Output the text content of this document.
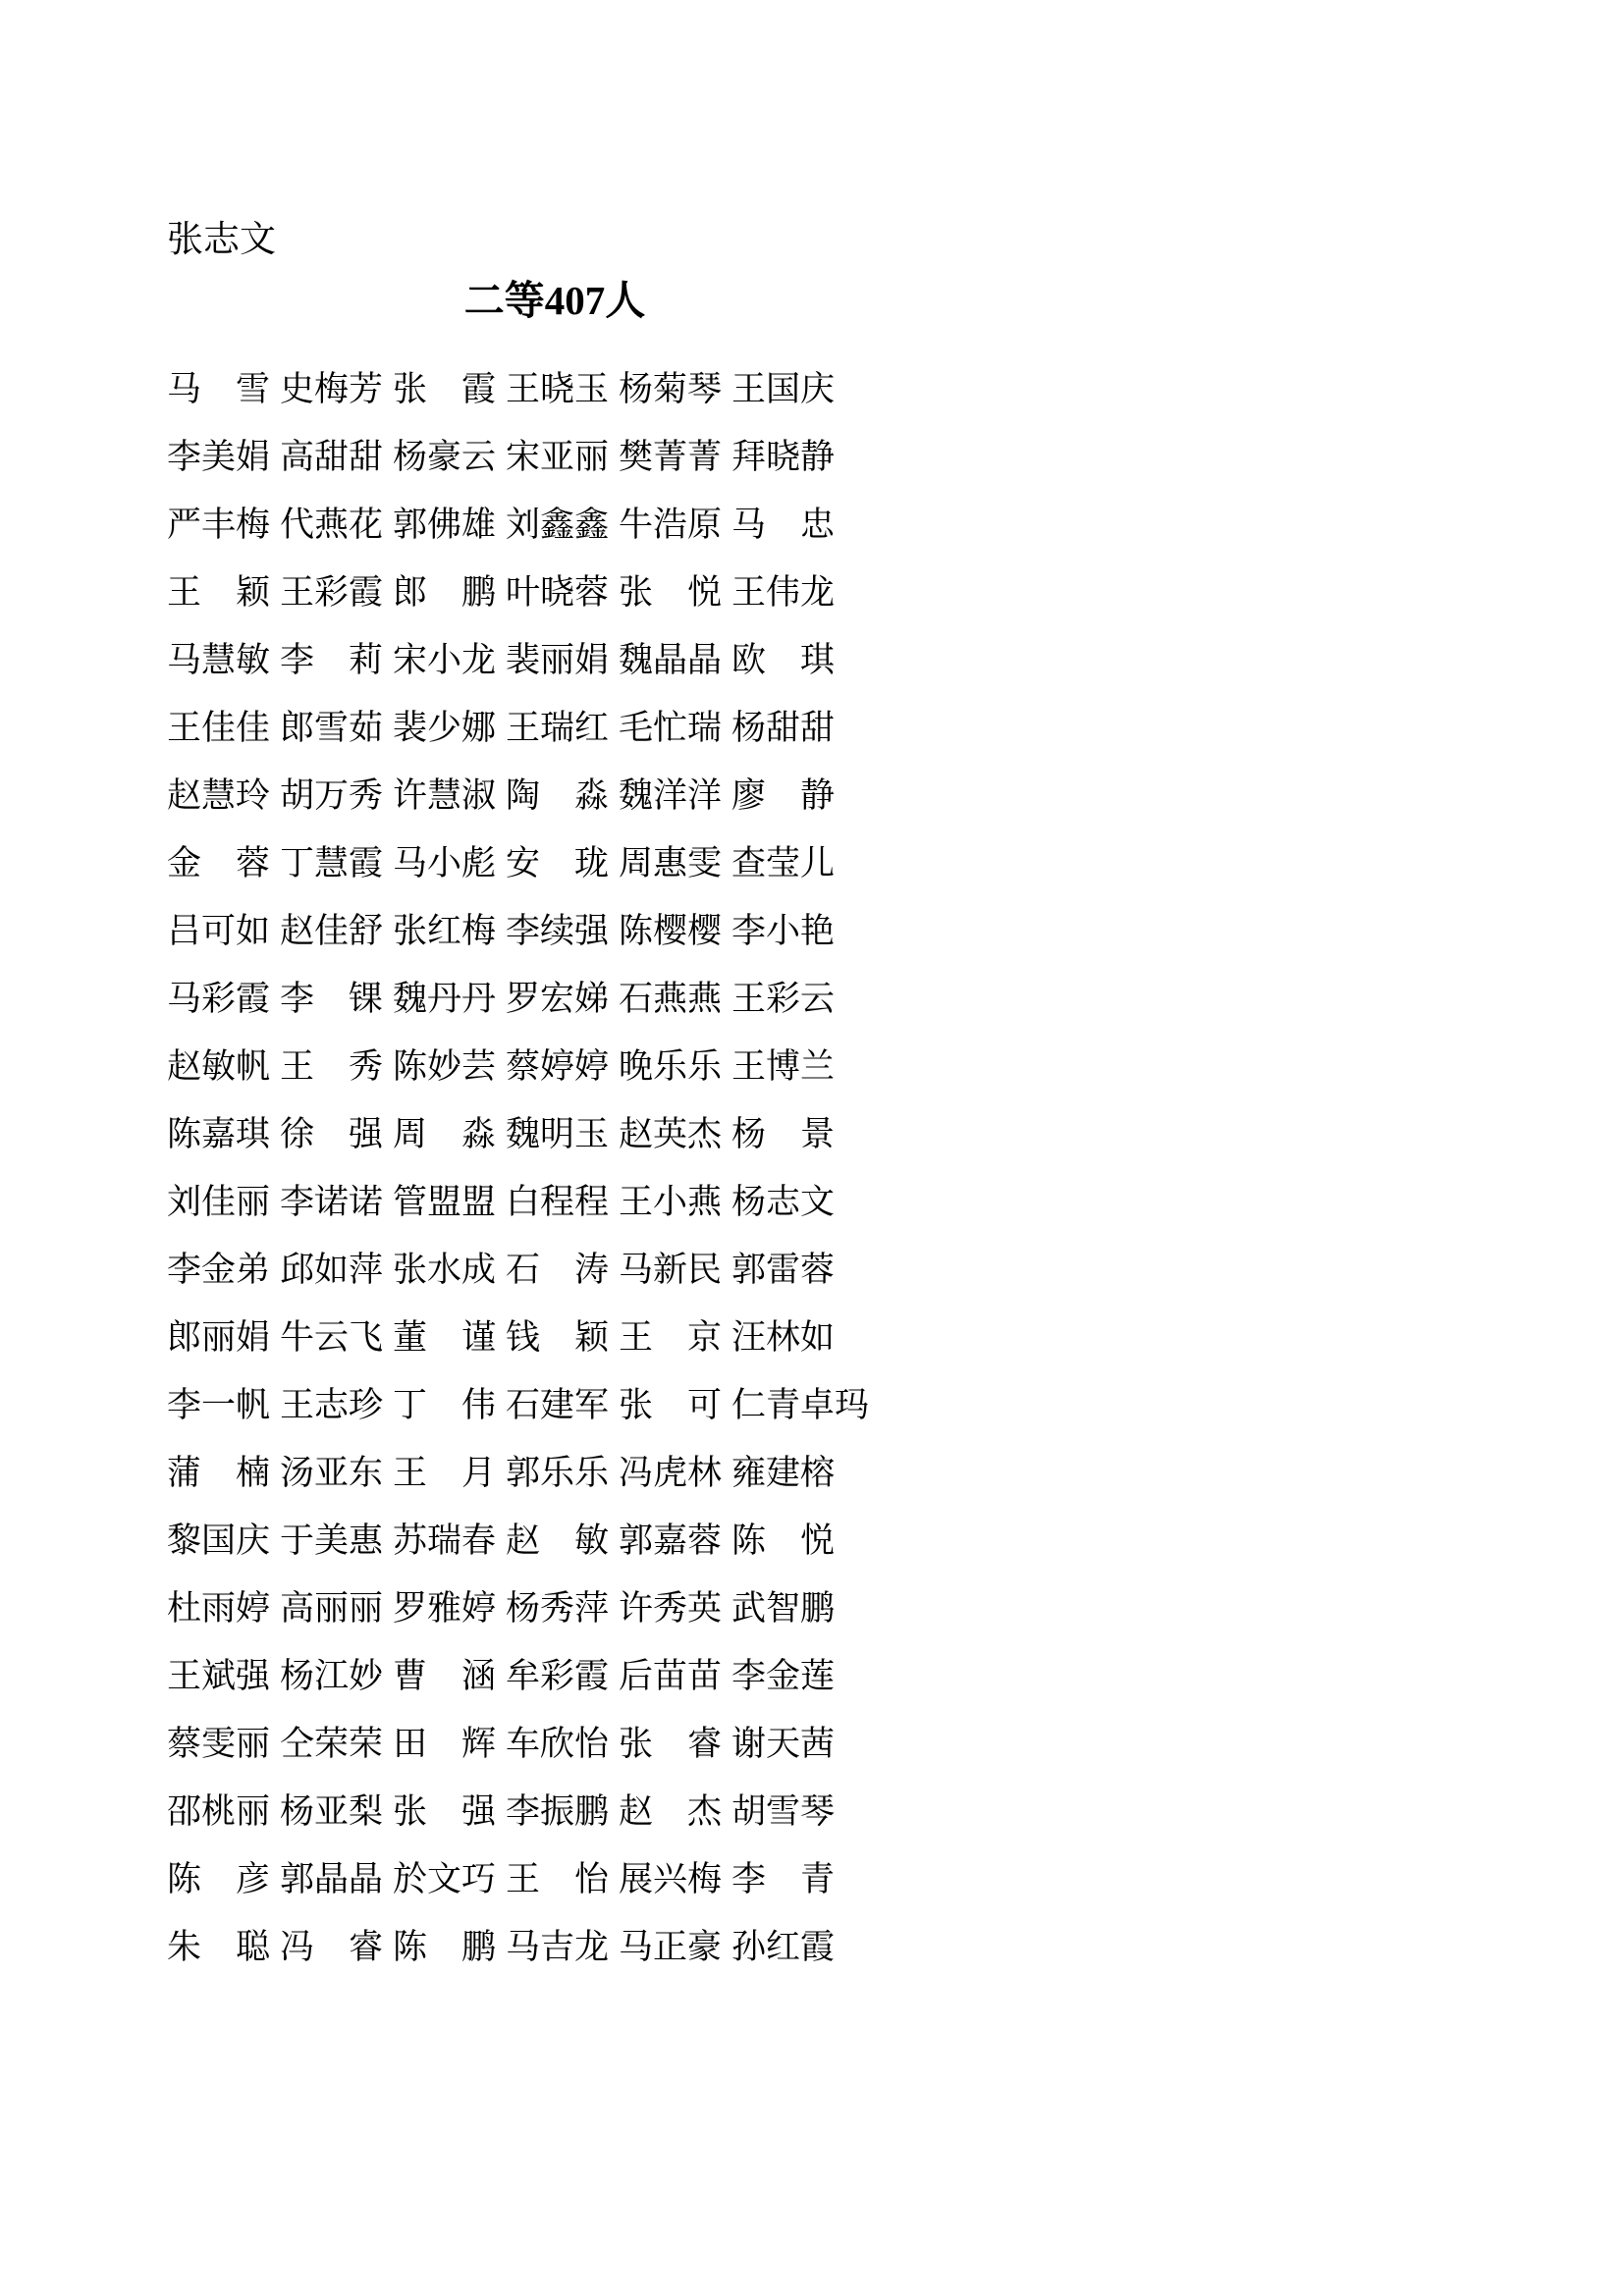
张志文
二等407人
马　雪 史梅芳 张　霞 王晓玉 杨菊琴 王国庆
李美娟 高甜甜 杨豪云 宋亚丽 樊菁菁 拜晓静
严丰梅 代燕花 郭佛雄 刘鑫鑫 牛浩原 马　忠
王　颖 王彩霞 郎　鹏 叶晓蓉 张　悦 王伟龙
马慧敏 李　莉 宋小龙 裴丽娟 魏晶晶 欧　琪
王佳佳 郎雪茹 裴少娜 王瑞红 毛忙瑞 杨甜甜
赵慧玲 胡万秀 许慧淑 陶　淼 魏洋洋 廖　静
金　蓉 丁慧霞 马小彪 安　珑 周惠雯 查莹儿
吕可如 赵佳舒 张红梅 李续强 陈樱樱 李小艳
马彩霞 李　锞 魏丹丹 罗宏娣 石燕燕 王彩云
赵敏帆 王　秀 陈妙芸 蔡婷婷 晚乐乐 王博兰
陈嘉琪 徐　强 周　淼 魏明玉 赵英杰 杨　景
刘佳丽 李诺诺 管盟盟 白程程 王小燕 杨志文
李金弟 邱如萍 张水成 石　涛 马新民 郭雷蓉
郎丽娟 牛云飞 董　谨 钱　颖 王　京 汪林如
李一帆 王志珍 丁　伟 石建军 张　可 仁青卓玛
蒲　楠 汤亚东 王　月 郭乐乐 冯虎林 雍建榕
黎国庆 于美惠 苏瑞春 赵　敏 郭嘉蓉 陈　悦
杜雨婷 高丽丽 罗雅婷 杨秀萍 许秀英 武智鹏
王斌强 杨江妙 曹　涵 牟彩霞 后苗苗 李金莲
蔡雯丽 仝荣荣 田　辉 车欣怡 张　睿 谢天茜
邵桃丽 杨亚梨 张　强 李振鹏 赵　杰 胡雪琴
陈　彦 郭晶晶 於文巧 王　怡 展兴梅 李　青
朱　聪 冯　睿 陈　鹏 马吉龙 马正豪 孙红霞
